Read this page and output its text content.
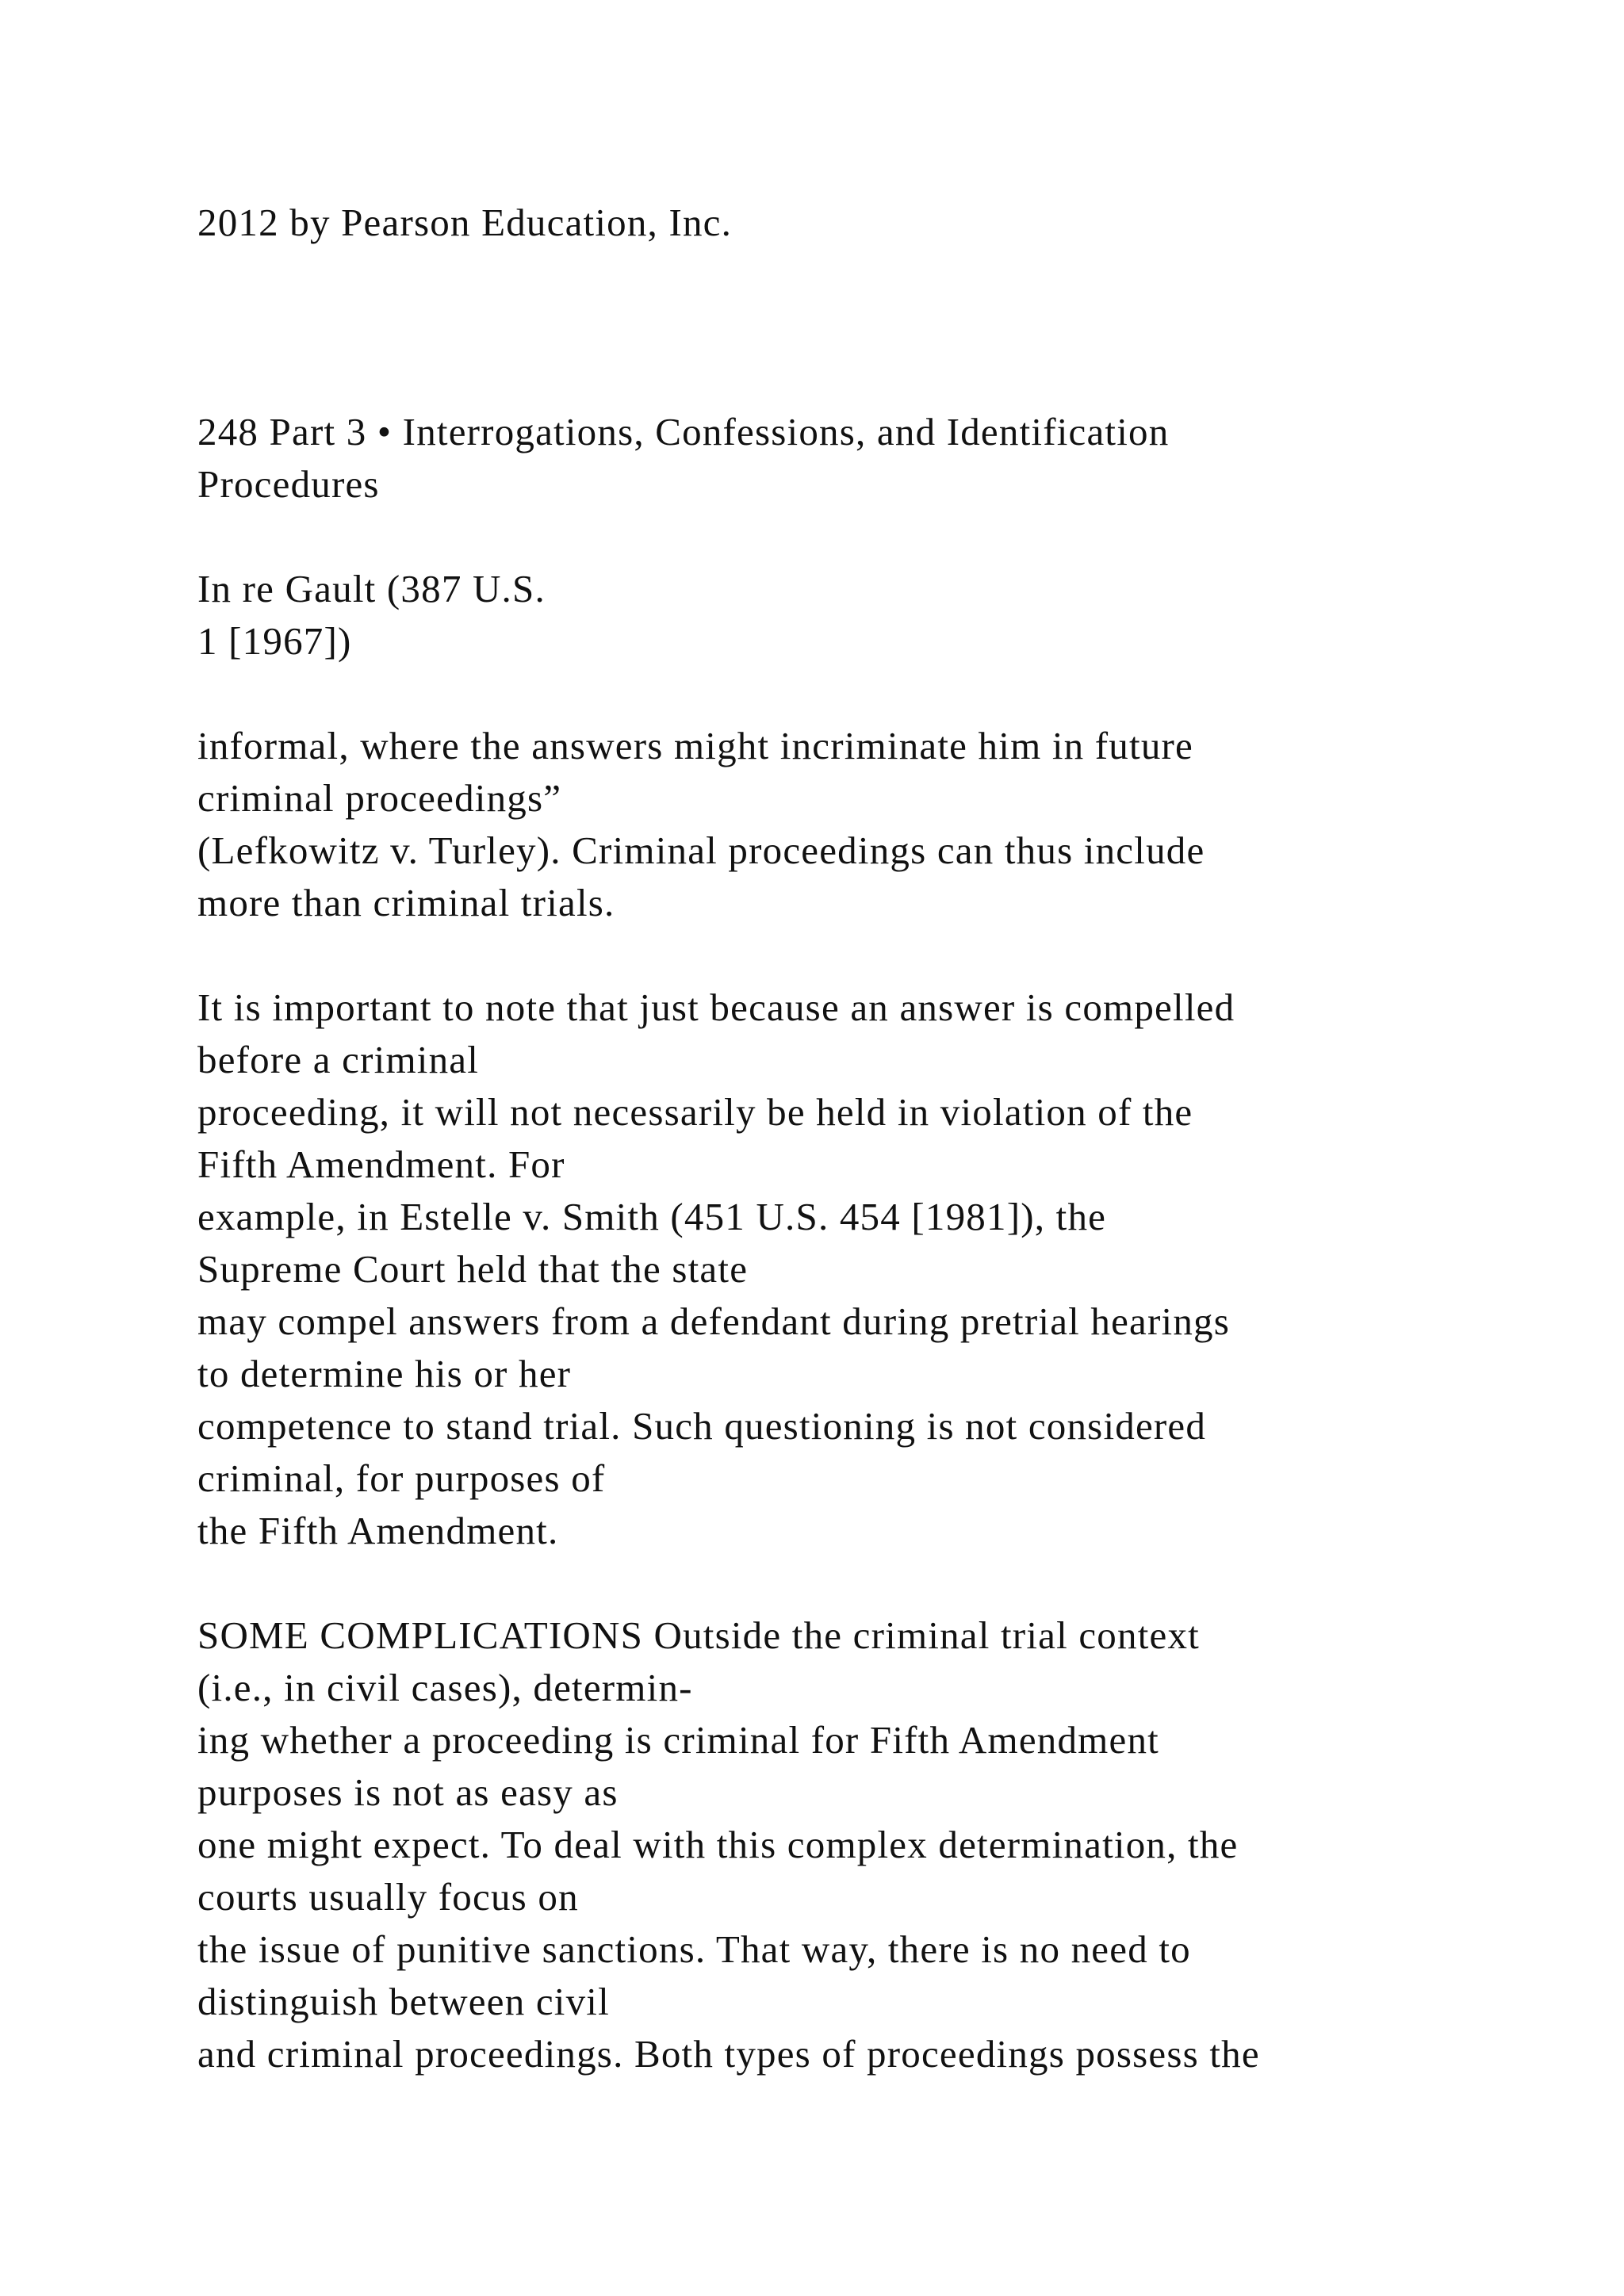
2012 by Pearson Education, Inc.
248 Part 3 • Interrogations, Confessions, and Identification
Procedures
In re Gault (387 U.S.
1 [1967])
informal, where the answers might incriminate him in future
criminal proceedings”
(Lefkowitz v. Turley). Criminal proceedings can thus include
more than criminal trials.
It is important to note that just because an answer is compelled
before a criminal
proceeding, it will not necessarily be held in violation of the
Fifth Amendment. For
example, in Estelle v. Smith (451 U.S. 454 [1981]), the
Supreme Court held that the state
may compel answers from a defendant during pretrial hearings
to determine his or her
competence to stand trial. Such questioning is not considered
criminal, for purposes of
the Fifth Amendment.
SOME COMPLICATIONS Outside the criminal trial context
(i.e., in civil cases), determin-
ing whether a proceeding is criminal for Fifth Amendment
purposes is not as easy as
one might expect. To deal with this complex determination, the
courts usually focus on
the issue of punitive sanctions. That way, there is no need to
distinguish between civil
and criminal proceedings. Both types of proceedings possess the
